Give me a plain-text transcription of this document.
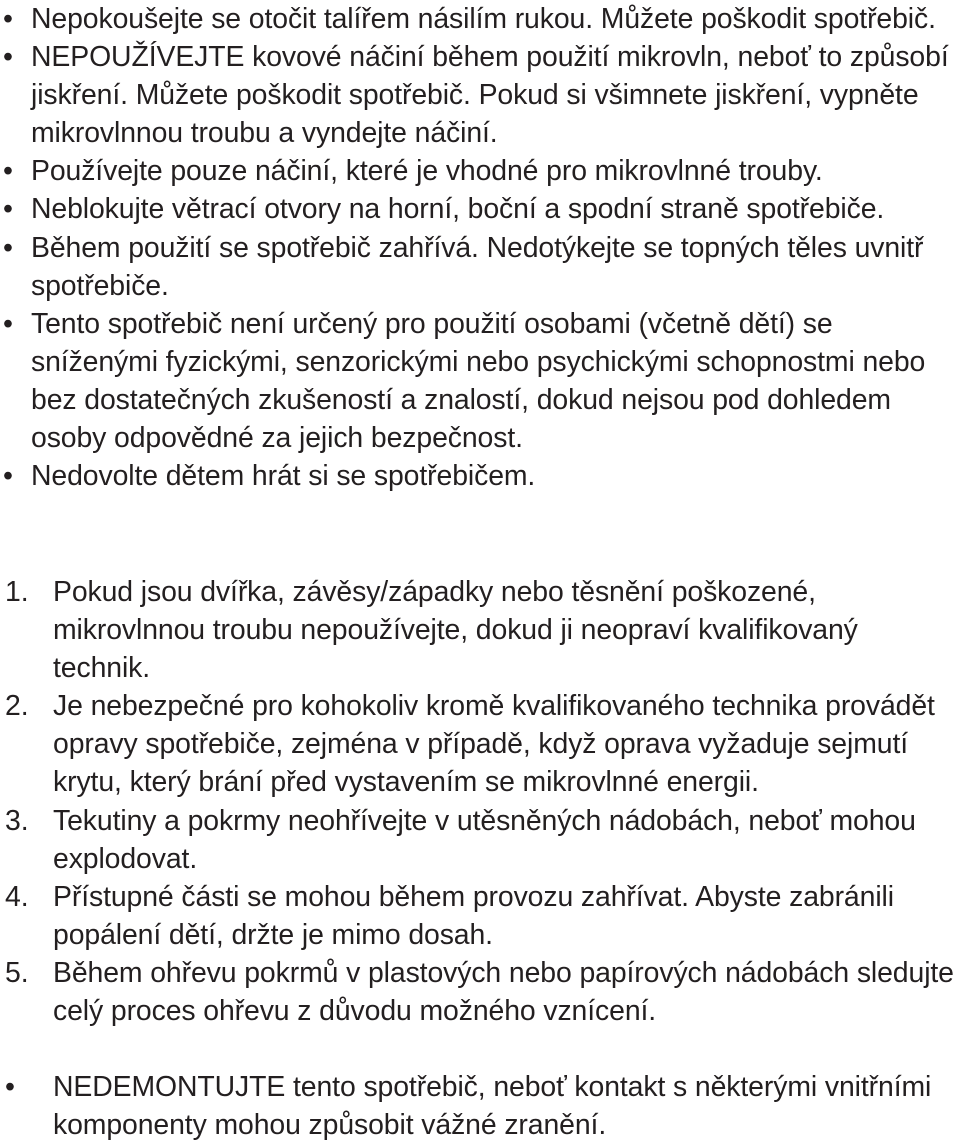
• Nepokoušejte se otočit talířem násilím rukou. Můžete poškodit spotřebič.
• NEPOUŽÍVEJTE kovové náčiní během použití mikrovln, neboť to způsobí jiskření. Můžete poškodit spotřebič. Pokud si všimnete jiskření, vypněte mikrovlnnou troubu a vyndejte náčiní.
• Používejte pouze náčiní, které je vhodné pro mikrovlnné trouby.
• Neblokujte větrací otvory na horní, boční a spodní straně spotřebiče.
• Během použití se spotřebič zahřívá. Nedotýkejte se topných těles uvnitř spotřebiče.
• Tento spotřebič není určený pro použití osobami (včetně dětí) se sníženými fyzickými, senzorickými nebo psychickými schopnostmi nebo bez dostatečných zkušeností a znalostí, dokud nejsou pod dohledem osoby odpovědné za jejich bezpečnost.
• Nedovolte dětem hrát si se spotřebičem.
1. Pokud jsou dvířka, závěsy/západky nebo těsnění poškozené, mikrovlnnou troubu nepoužívejte, dokud ji neopraví kvalifikovaný technik.
2. Je nebezpečné pro kohokoliv kromě kvalifikovaného technika provádět opravy spotřebiče, zejména v případě, když oprava vyžaduje sejmutí krytu, který brání před vystavením se mikrovlnné energii.
3. Tekutiny a pokrmy neohřívejte v utěsněných nádobách, neboť mohou explodovat.
4. Přístupné části se mohou během provozu zahřívat. Abyste zabránili popálení dětí, držte je mimo dosah.
5. Během ohřevu pokrmů v plastových nebo papírových nádobách sledujte celý proces ohřevu z důvodu možného vznícení.
•	NEDEMONTUJTE tento spotřebič, neboť kontakt s některými vnitřními komponenty mohou způsobit vážné zranění.
